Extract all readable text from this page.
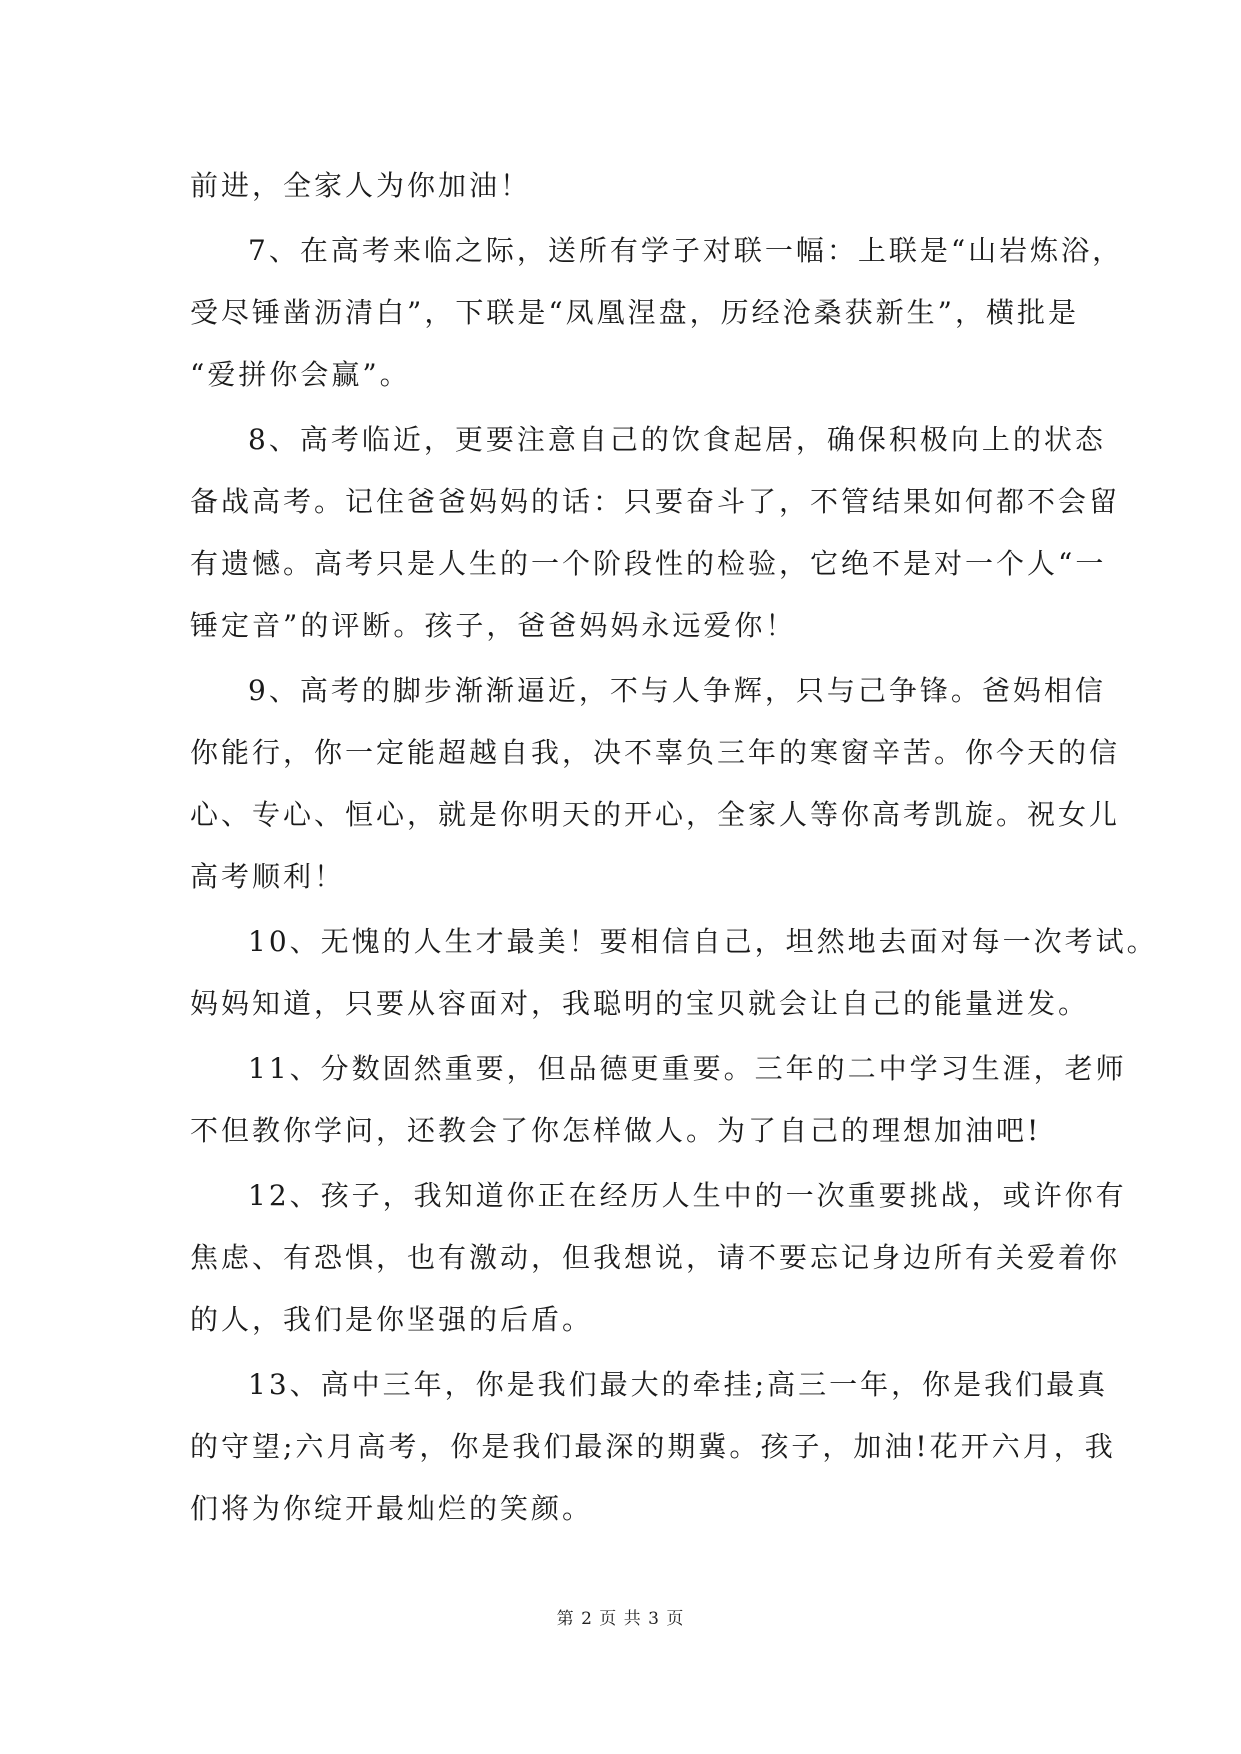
前进，全家人为你加油！
7、在高考来临之际，送所有学子对联一幅：上联是“山岩炼浴，
受尽锤凿沥清白”，下联是“凤凰涅盘，历经沧桑获新生”，横批是
“爱拼你会赢”。
8、高考临近，更要注意自己的饮食起居，确保积极向上的状态
备战高考。记住爸爸妈妈的话：只要奋斗了，不管结果如何都不会留
有遗憾。高考只是人生的一个阶段性的检验，它绝不是对一个人“一
锤定音”的评断。孩子，爸爸妈妈永远爱你！
9、高考的脚步渐渐逼近，不与人争辉，只与己争锋。爸妈相信
你能行，你一定能超越自我，决不辜负三年的寒窗辛苦。你今天的信
心、专心、恒心，就是你明天的开心，全家人等你高考凯旋。祝女儿
高考顺利！
10、无愧的人生才最美！要相信自己，坦然地去面对每一次考试。
妈妈知道，只要从容面对，我聪明的宝贝就会让自己的能量迸发。
11、分数固然重要，但品德更重要。三年的二中学习生涯，老师
不但教你学问，还教会了你怎样做人。为了自己的理想加油吧!
12、孩子，我知道你正在经历人生中的一次重要挑战，或许你有
焦虑、有恐惧，也有激动，但我想说，请不要忘记身边所有关爱着你
的人，我们是你坚强的后盾。
13、高中三年，你是我们最大的牵挂;高三一年，你是我们最真
的守望;六月高考，你是我们最深的期冀。孩子，加油!花开六月，我
们将为你绽开最灿烂的笑颜。
第 2 页 共 3 页
